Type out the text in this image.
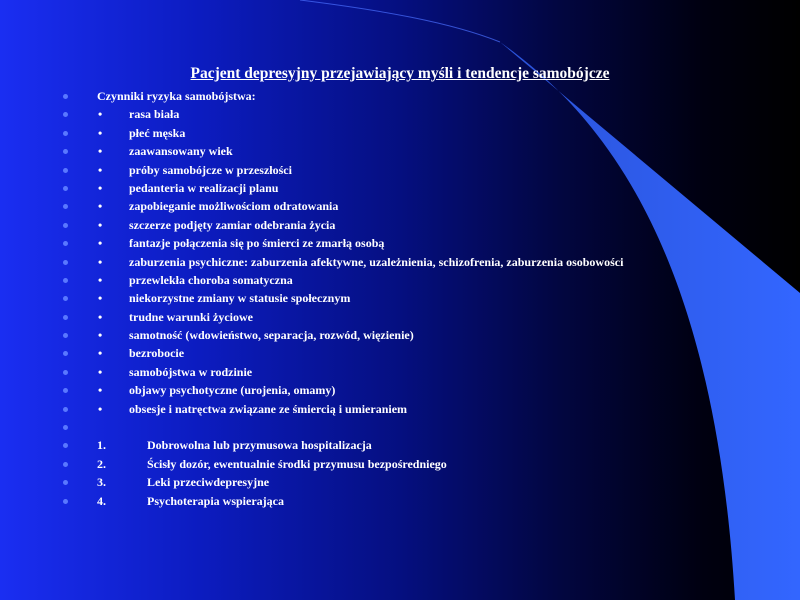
Pacjent depresyjny przejawiający myśli i tendencje samobójcze
Czynniki ryzyka samobójstwa:
• rasa biała
• płeć męska
• zaawansowany wiek
• próby samobójcze w przeszłości
• pedanteria w realizacji planu
• zapobieganie możliwościom odratowania
• szczerze podjęty zamiar odebrania życia
• fantazje połączenia się po śmierci ze zmarłą osobą
• zaburzenia psychiczne: zaburzenia afektywne, uzależnienia, schizofrenia, zaburzenia osobowości
• przewlekła choroba somatyczna
• niekorzystne zmiany w statusie społecznym
• trudne warunki życiowe
• samotność (wdowieństwo, separacja, rozwód, więzienie)
• bezrobocie
• samobójstwa w rodzinie
• objawy psychotyczne (urojenia, omamy)
• obsesje i natręctwa związane ze śmiercią i umieraniem
1.	Dobrowolna lub przymusowa hospitalizacja
2.	Ścisły dozór, ewentualnie środki przymusu bezpośredniego
3.	Leki przeciwdepresyjne
4.	Psychoterapia wspierająca
